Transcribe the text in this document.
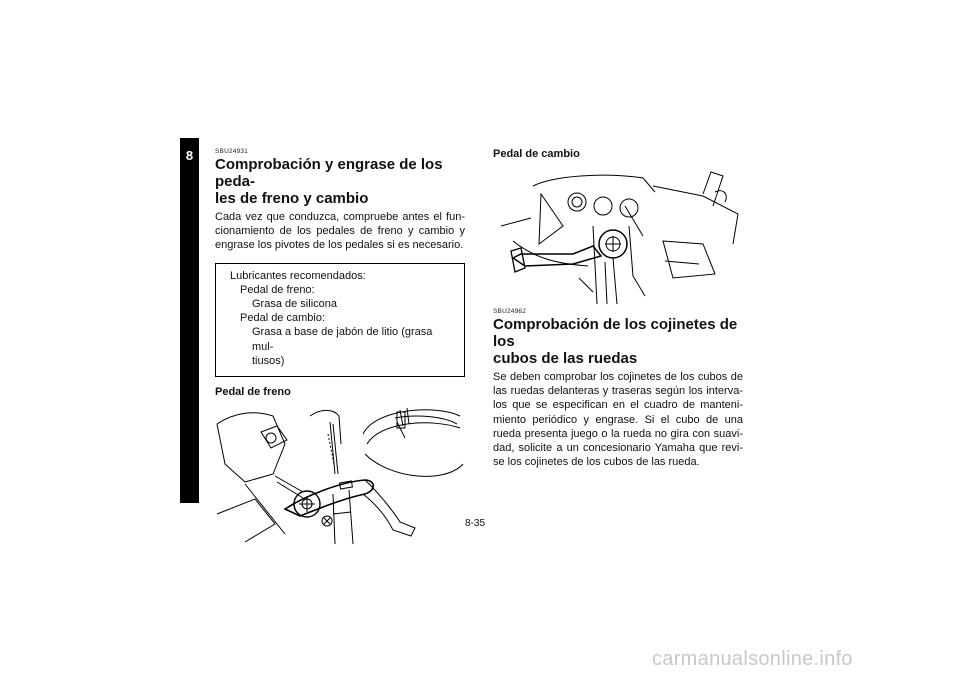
8	SBU24931
Comprobación y engrase de los peda-
les de freno y cambio

Cada vez que conduzca, compruebe antes el fun-cionamiento de los pedales de freno y cambio y engrase los pivotes de los pedales si es necesario.

Lubricantes recomendados:
Pedal de freno:
Grasa de silicona
Pedal de cambio:
Grasa a base de jabón de litio (grasa mul-
tiusos)
Pedal de freno
Pedal de cambio
SBU24962
Comprobación de los cojinetes de los
cubos de las ruedas

Se deben comprobar los cojinetes de los cubos de las ruedas delanteras y traseras según los interva-los que se especifican en el cuadro de manteni-miento periódico y engrase. Si el cubo de una rueda presenta juego o la rueda no gira con suavi-dad, solicite a un concesionario Yamaha que revi-se los cojinetes de los cubos de las rueda.

8-35
carmanualsonline.info
